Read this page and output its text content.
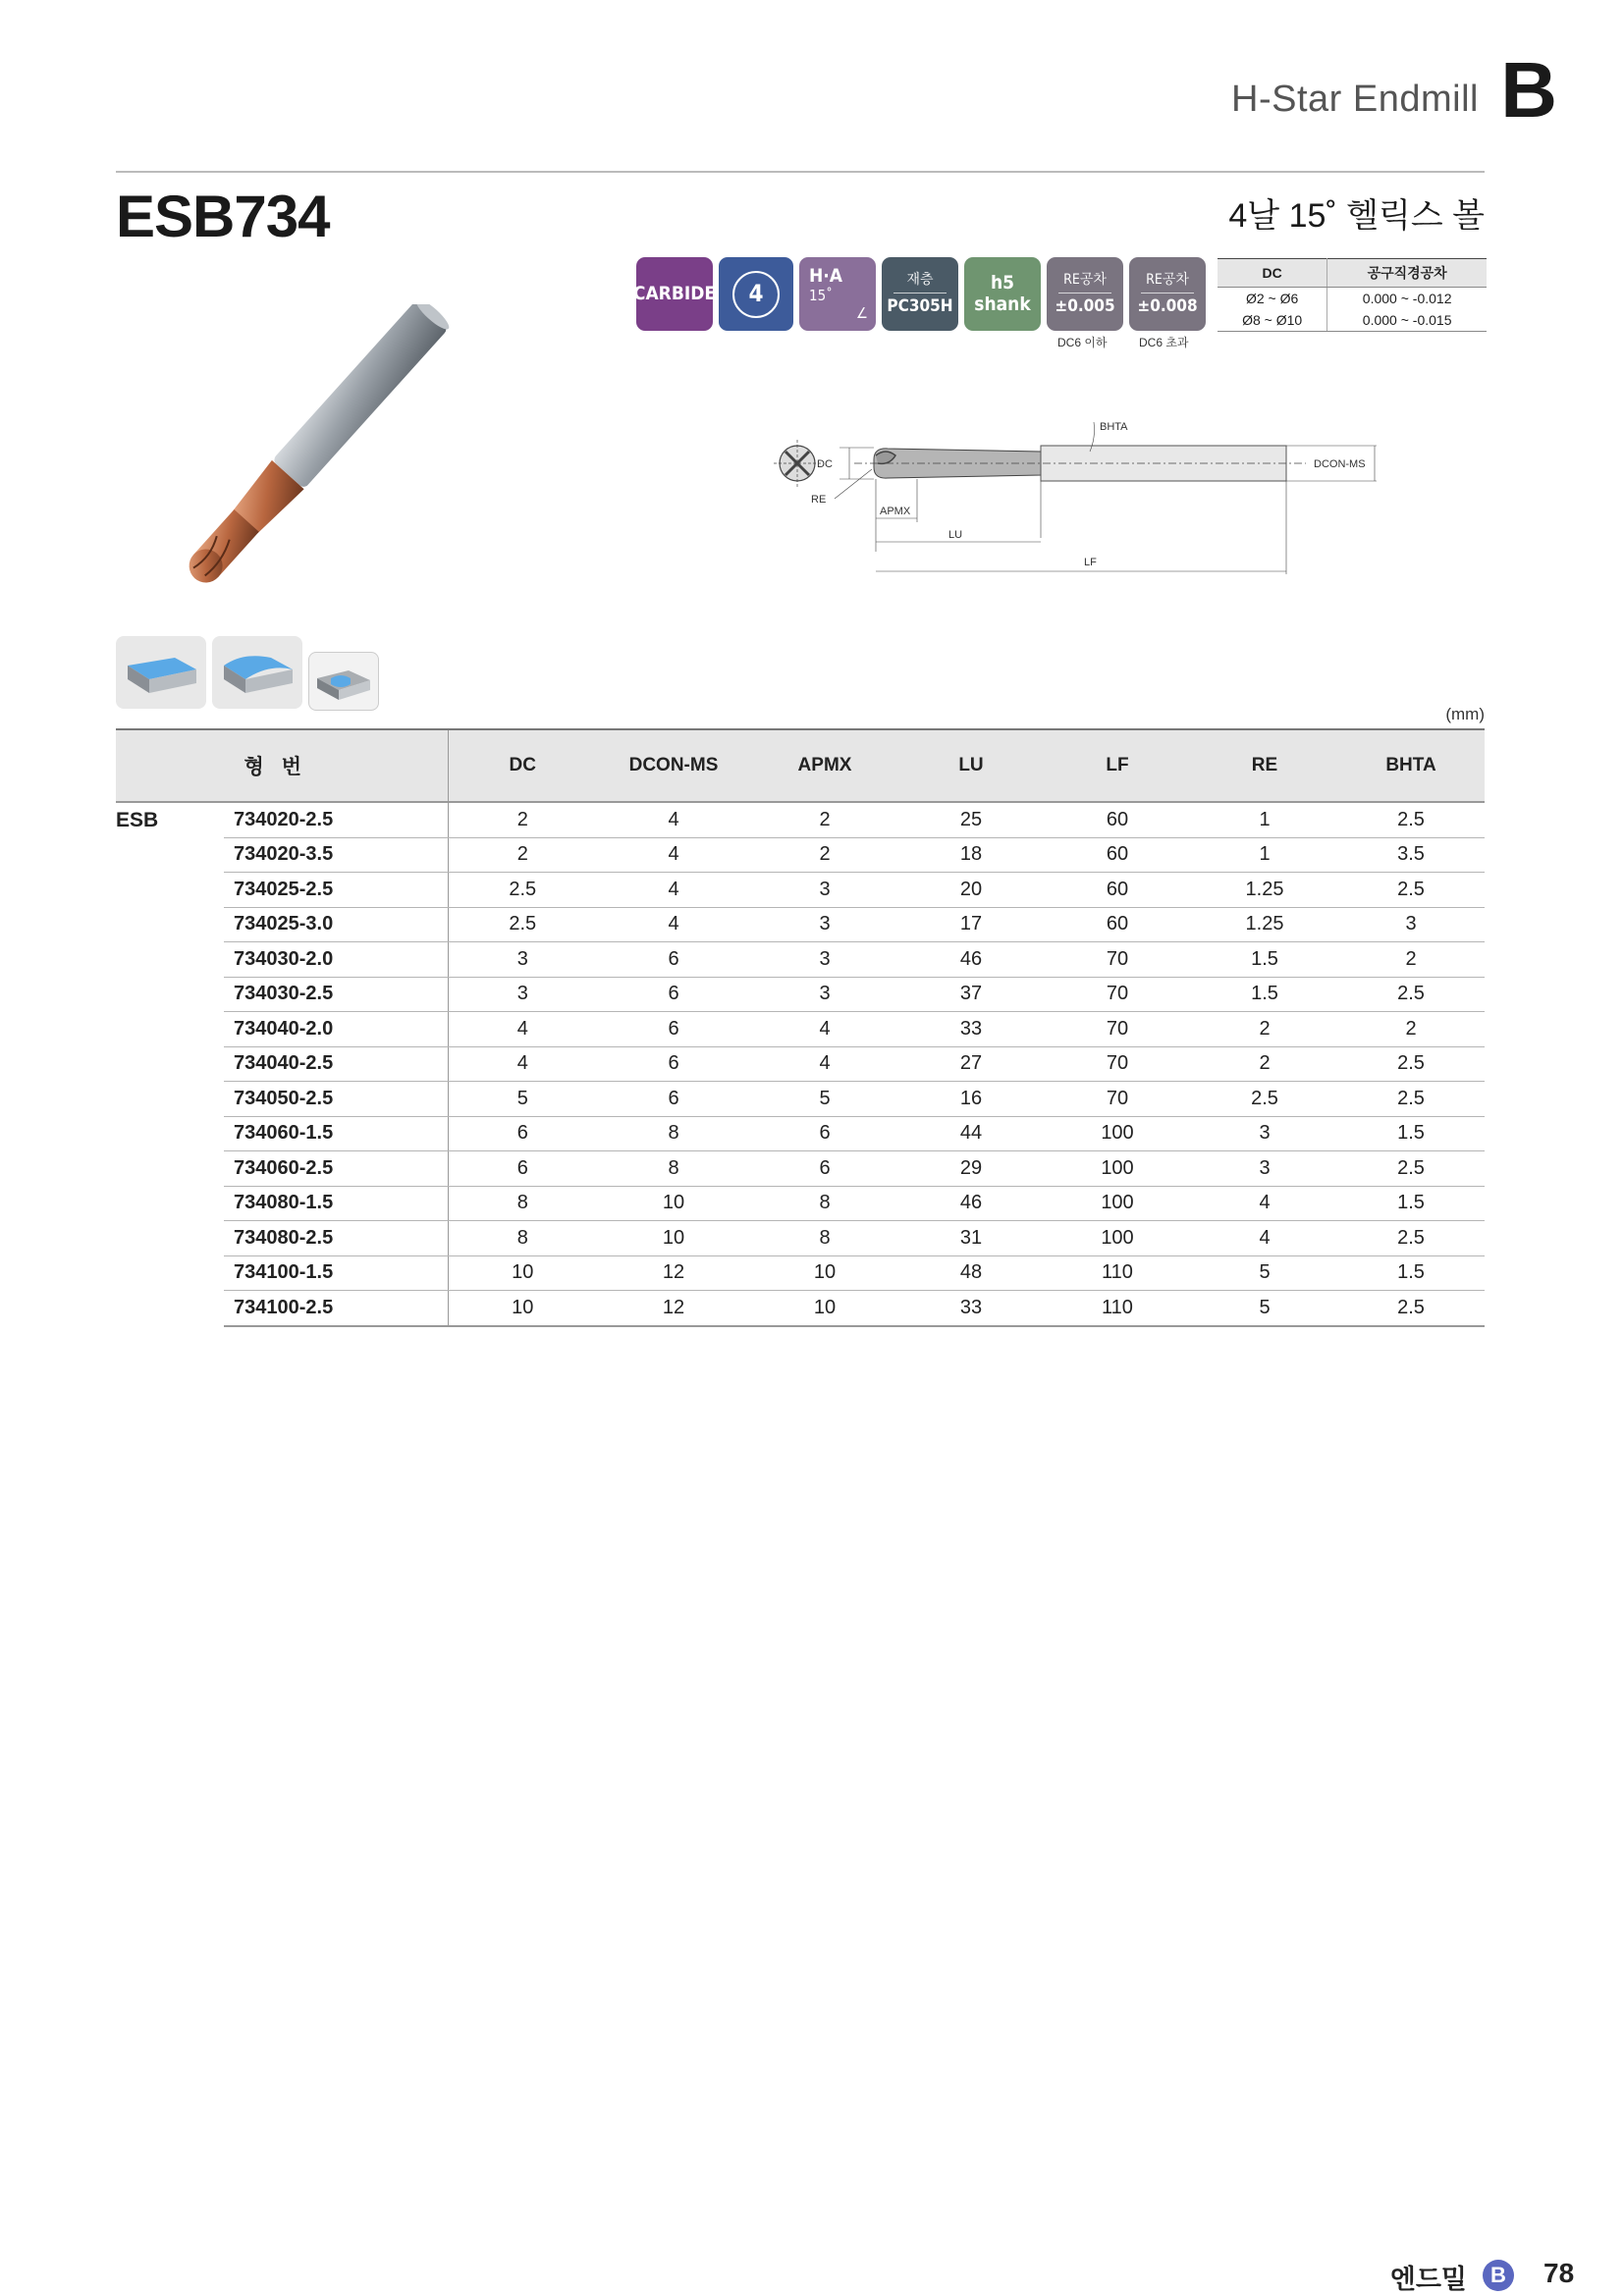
H-Star Endmill B
ESB734	4날 15˚ 헬릭스 볼
CARBIDE 4
H·A
15˚
∠
재층
PC305H
h5
shank
RE공차
±0.005
RE공차
±0.008
DC6 이하	DC6 초과
DC	공구직경공차
Ø2 ~ Ø6	0.000 ~ -0.012
Ø8 ~ Ø10	0.000 ~ -0.015
DC
RE
APMX
LU
LF
DCON-MS
BHTA
(mm)
형번		DC	DCON-MS	APMX	LU	LF	RE	BHTA
ESB	734020-2.5	2	4	2	25	60	1	2.5
	734020-3.5	2	4	2	18	60	1	3.5
	734025-2.5	2.5	4	3	20	60	1.25	2.5
	734025-3.0	2.5	4	3	17	60	1.25	3
	734030-2.0	3	6	3	46	70	1.5	2
	734030-2.5	3	6	3	37	70	1.5	2.5
	734040-2.0	4	6	4	33	70	2	2
	734040-2.5	4	6	4	27	70	2	2.5
	734050-2.5	5	6	5	16	70	2.5	2.5
	734060-1.5	6	8	6	44	100	3	1.5
	734060-2.5	6	8	6	29	100	3	2.5
	734080-1.5	8	10	8	46	100	4	1.5
	734080-2.5	8	10	8	31	100	4	2.5
	734100-1.5	10	12	10	48	110	5	1.5
	734100-2.5	10	12	10	33	110	5	2.5
엔드밀	B 78
